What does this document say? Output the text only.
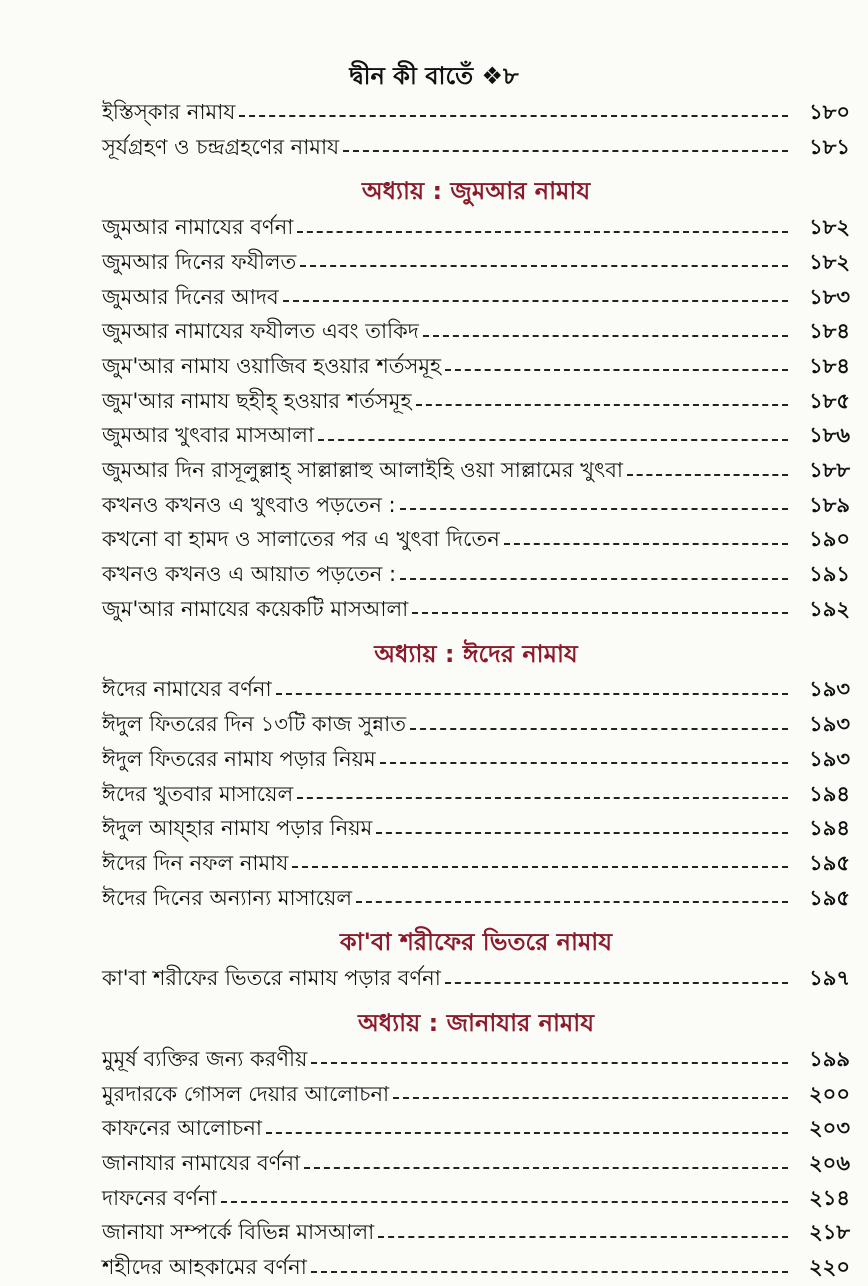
দ্বীন কী বাতেঁ ❖৮
ইস্তিস্‌কার নামায	১৮০
সূর্যগ্রহণ ও চন্দ্রগ্রহণের নামায	১৮১
অধ্যায় : জুমআর নামায
জুমআর নামাযের বর্ণনা	১৮২
জুমআর দিনের ফযীলত	১৮২
জুমআর দিনের আদব	১৮৩
জুমআর নামাযের ফযীলত এবং তাকিদ	১৮৪
জুম'আর নামায ওয়াজিব হওয়ার শর্তসমূহ	১৮৪
জুম'আর নামায ছহীহ্‌ হওয়ার শর্তসমূহ	১৮৫
জুমআর খুৎবার মাসআলা	১৮৬
জুমআর দিন রাসূলুল্লাহ্‌ সাল্লাল্লাহু আলাইহি ওয়া সাল্লামের খুৎবা	১৮৮
কখনও কখনও এ খুৎবাও পড়তেন :	১৮৯
কখনো বা হামদ ও সালাতের পর এ খুৎবা দিতেন	১৯০
কখনও কখনও এ আয়াত পড়তেন :	১৯১
জুম'আর নামাযের কয়েকটি মাসআলা	১৯২
অধ্যায় : ঈদের নামায
ঈদের নামাযের বর্ণনা	১৯৩
ঈদুল ফিতরের দিন ১৩টি কাজ সুন্নাত	১৯৩
ঈদুল ফিতরের নামায পড়ার নিয়ম	১৯৩
ঈদের খুতবার মাসায়েল	১৯৪
ঈদুল আয্‌হার নামায পড়ার নিয়ম	১৯৪
ঈদের দিন নফল নামায	১৯৫
ঈদের দিনের অন্যান্য মাসায়েল	১৯৫
কা'বা শরীফের ভিতরে নামায
কা'বা শরীফের ভিতরে নামায পড়ার বর্ণনা	১৯৭
অধ্যায় : জানাযার নামায
মুমূর্ষ ব্যক্তির জন্য করণীয়	১৯৯
মুরদারকে গোসল দেয়ার আলোচনা	২০০
কাফনের আলোচনা	২০৩
জানাযার নামাযের বর্ণনা	২০৬
দাফনের বর্ণনা	২১৪
জানাযা সম্পর্কে বিভিন্ন মাসআলা	২১৮
শহীদের আহকামের বর্ণনা	২২০
